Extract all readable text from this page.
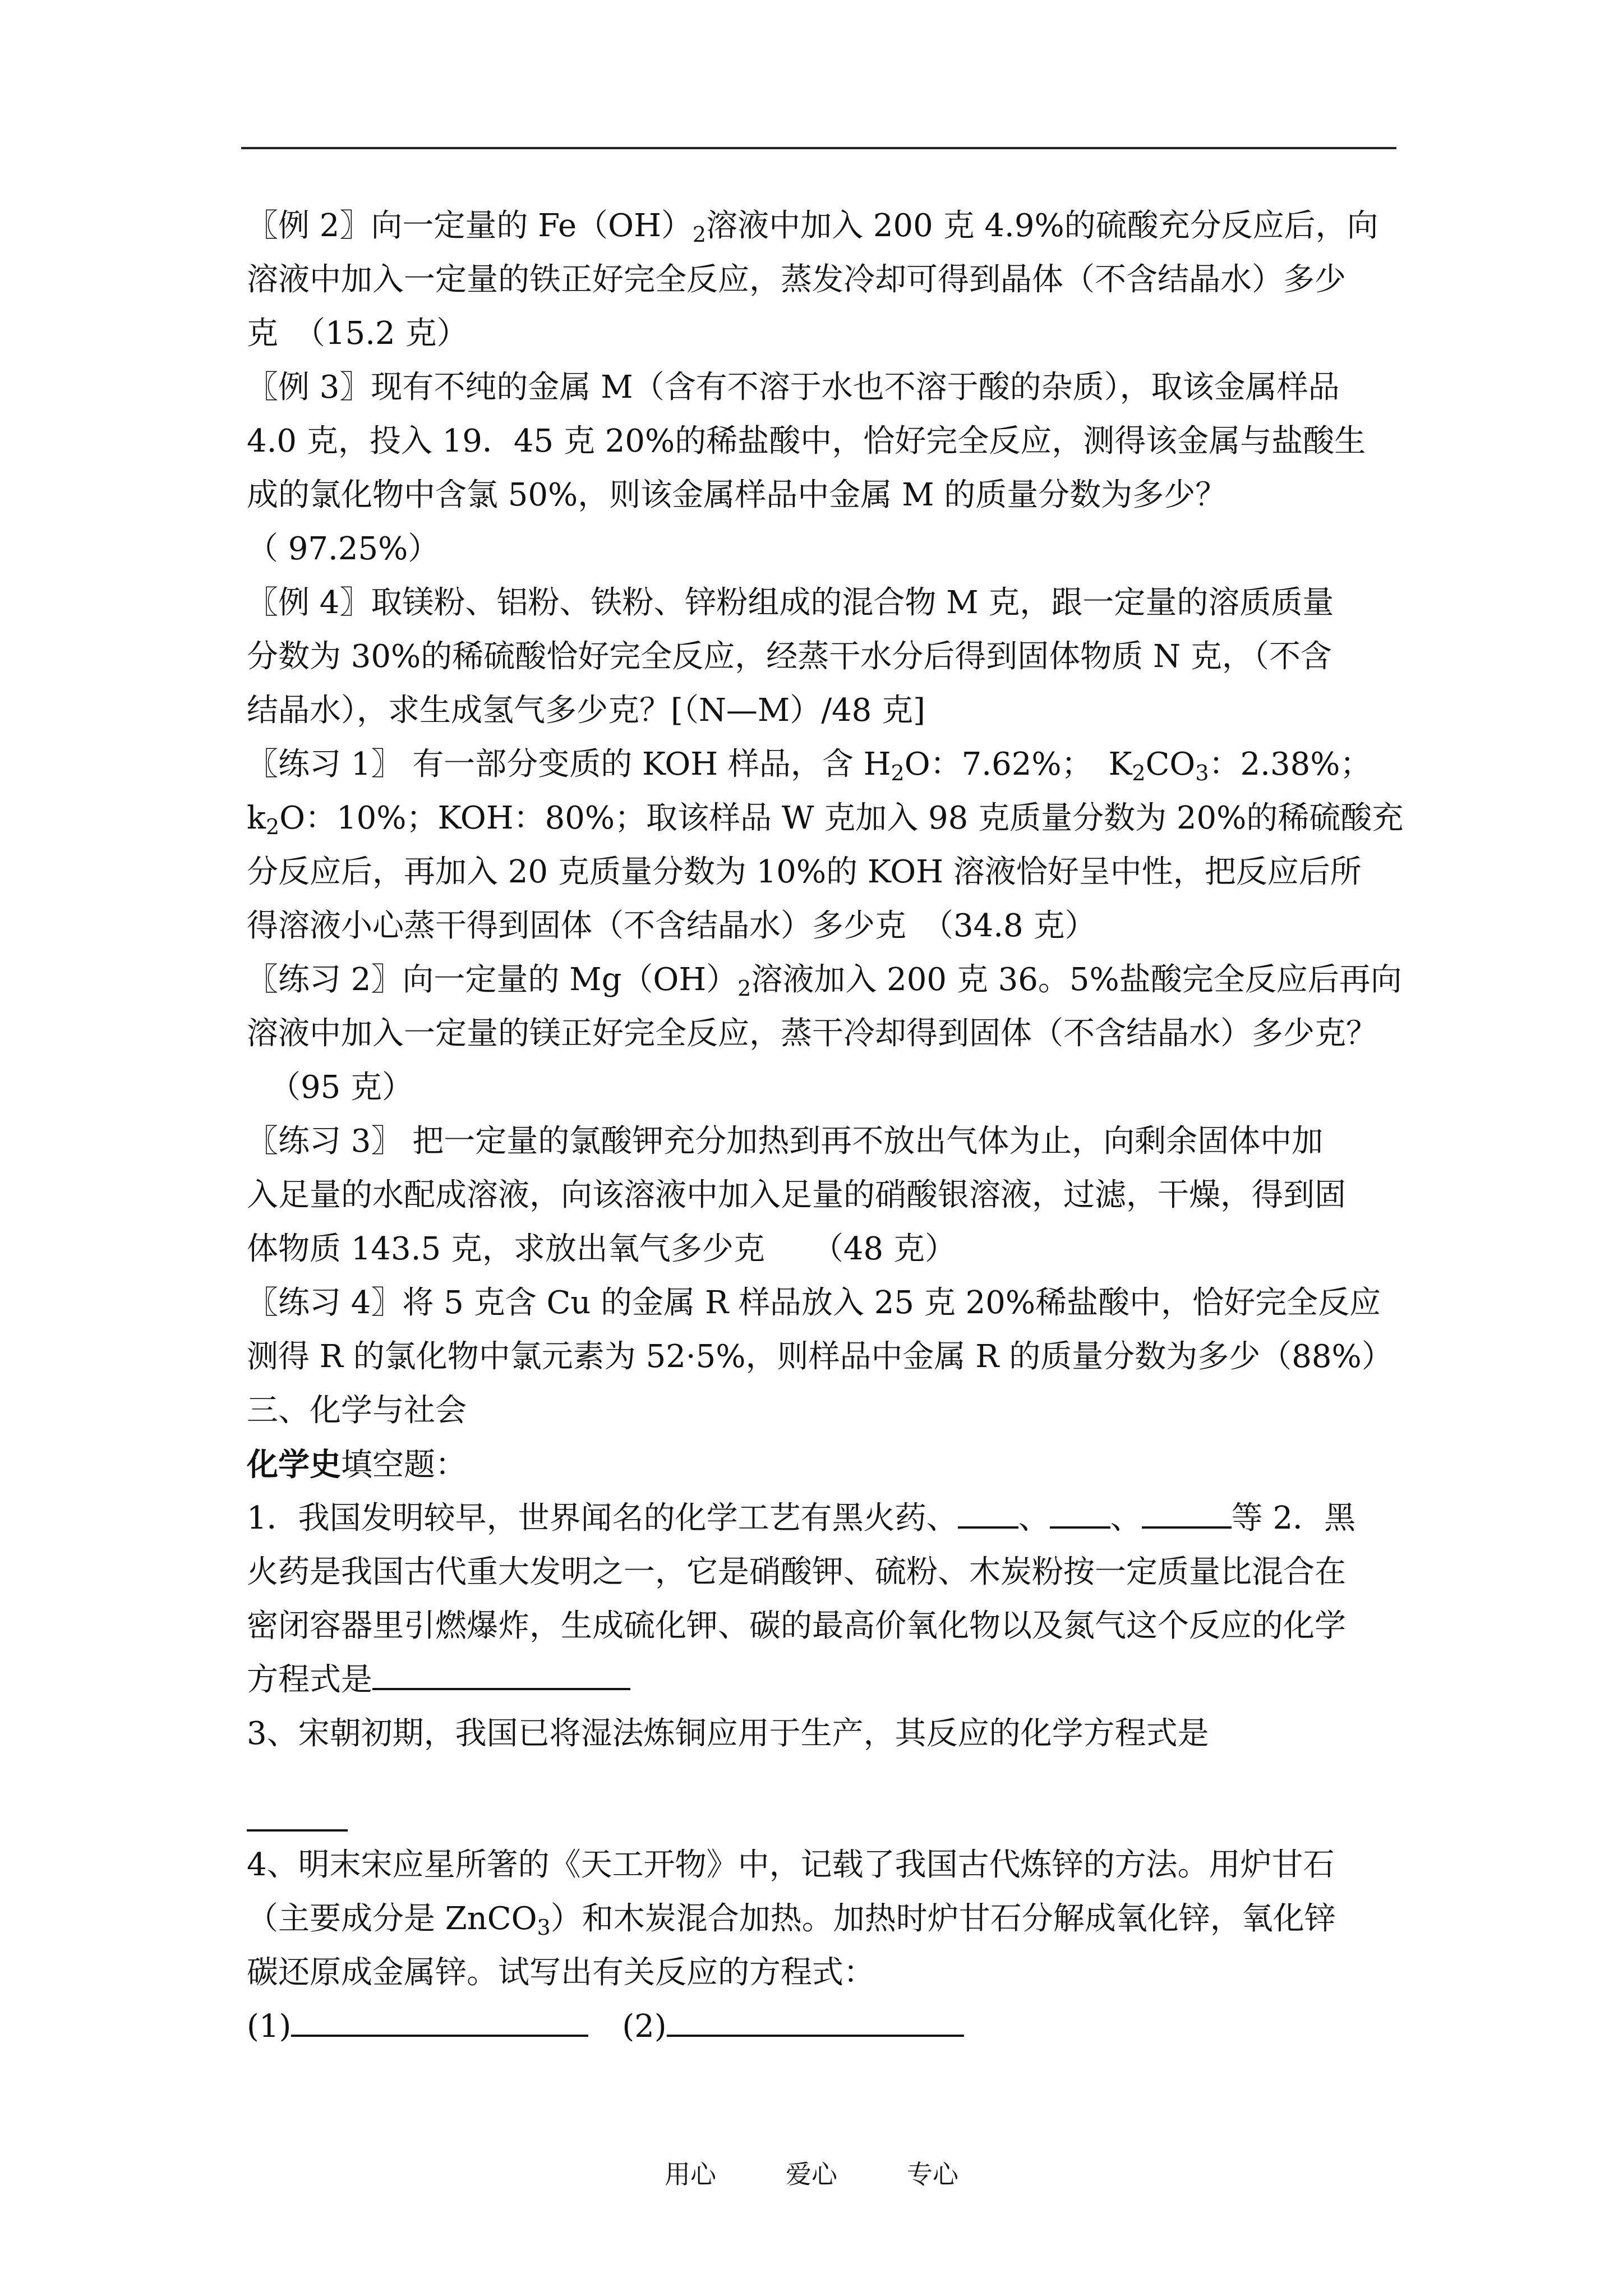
〖例 2〗向一定量的 $Fe(OH)_2$溶液中加入 200 克 4.9%的硫酸充分反应后，向
溶液中加入一定量的铁正好完全反应，蒸发冷却可得到晶体（不含结晶水）多少
克　（15.2 克）
〖例 3〗现有不纯的金属 M（含有不溶于水也不溶于酸的杂质），取该金属样品
4.0 克，投入 19．45 克 20%的稀盐酸中，恰好完全反应，测得该金属与盐酸生
成的氯化物中含氯 50%，则该金属样品中金属 M 的质量分数为多少？
（ 97.25%）
〖例 4〗取镁粉、铝粉、铁粉、锌粉组成的混合物 M 克，跟一定量的溶质质量
分数为 30%的稀硫酸恰好完全反应，经蒸干水分后得到固体物质 N 克，（不含
结晶水），求生成氢气多少克？[（N—M）/48 克]
〖练习 1〗 有一部分变质的 KOH 样品，含 $H_2O$：7.62%；　$K_2CO_3$：2.38%；
$k_2O$：10%；KOH：80%；取该样品 W 克加入 98 克质量分数为 20%的稀硫酸充
分反应后，再加入 20 克质量分数为 10%的 KOH 溶液恰好呈中性，把反应后所
得溶液小心蒸干得到固体（不含结晶水）多少克　（34.8 克）
〖练习 2〗向一定量的 $Mg(OH)_2$溶液加入 200 克 36。5%盐酸完全反应后再向
溶液中加入一定量的镁正好完全反应，蒸干冷却得到固体（不含结晶水）多少克？
（95 克）
〖练习 3〗 把一定量的氯酸钾充分加热到再不放出气体为止，向剩余固体中加
入足量的水配成溶液，向该溶液中加入足量的硝酸银溶液，过滤，干燥，得到固
体物质 143.5 克，求放出氧气多少克　　（48 克）
〖练习 4〗将 5 克含 Cu 的金属 R 样品放入 25 克 20%稀盐酸中，恰好完全反应
测得 R 的氯化物中氯元素为 52·5%，则样品中金属 R 的质量分数为多少（88%）
三、化学与社会
化学史填空题：
1．我国发明较早，世界闻名的化学工艺有黑火药、 、 、	等 2．黑
火药是我国古代重大发明之一，它是硝酸钾、硫粉、木炭粉按一定质量比混合在
密闭容器里引燃爆炸，生成硫化钾、碳的最高价氧化物以及氮气这个反应的化学
方程式是
3、宋朝初期，我国已将湿法炼铜应用于生产，其反应的化学方程式是
4、明末宋应星所箸的《天工开物》中，记载了我国古代炼锌的方法。用炉甘石
（主要成分是 ZnCO$_3$）和木炭混合加热。加热时炉甘石分解成氧化锌，氧化锌
碳还原成金属锌。试写出有关反应的方程式：
(1)	(2)
用心	爱心	专心
